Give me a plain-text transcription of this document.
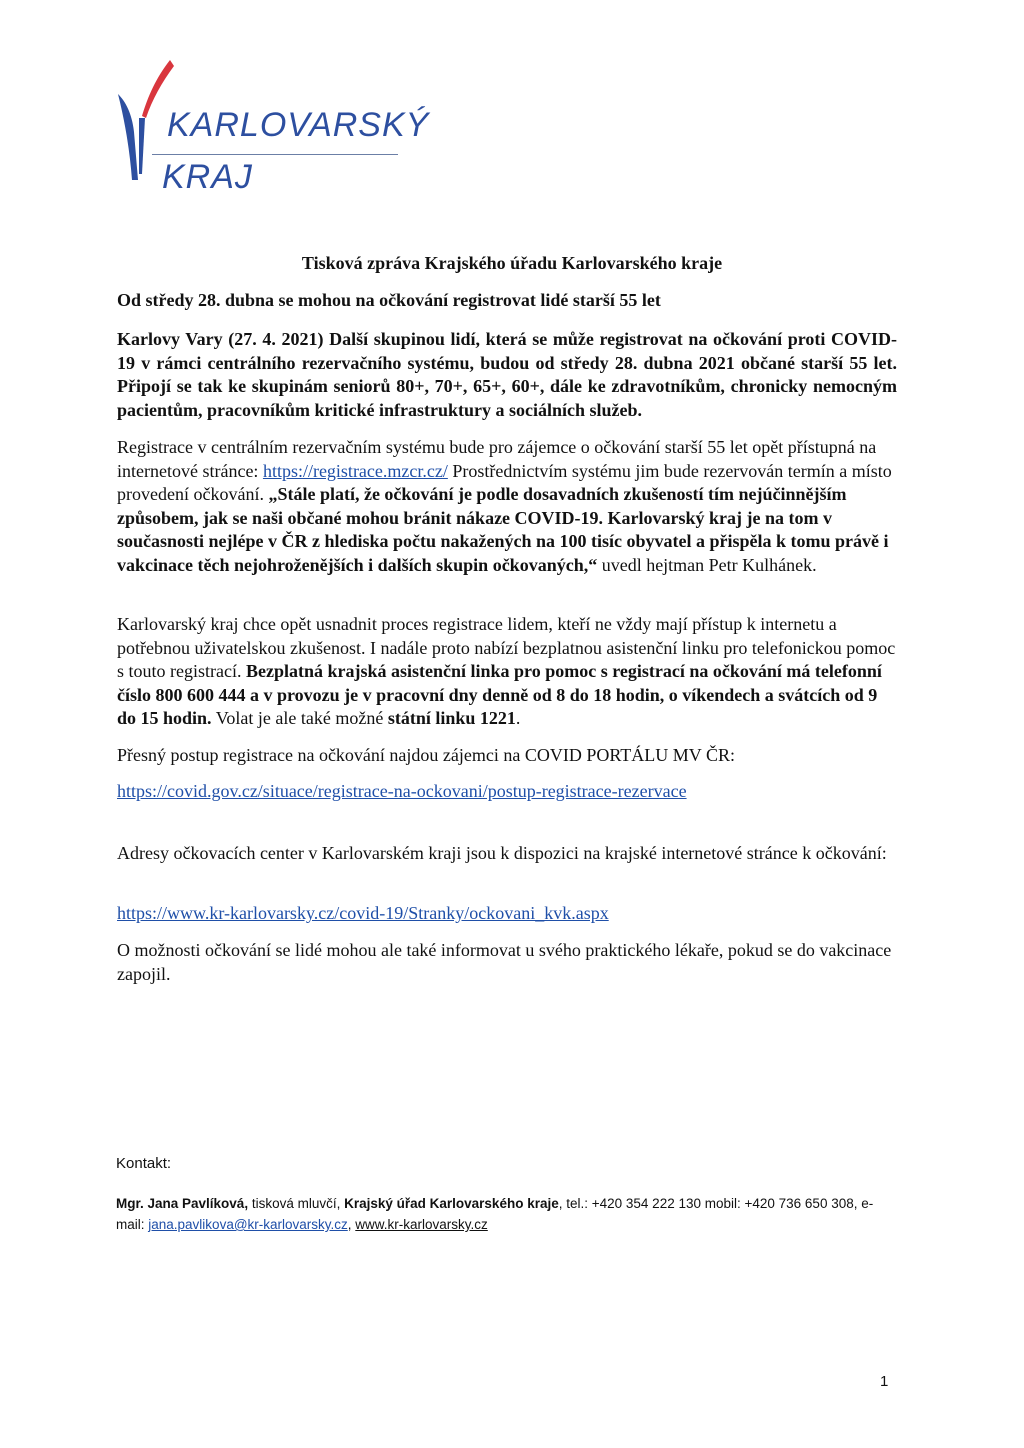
KARLOVARSKÝ
KRAJ
Tisková zpráva Krajského úřadu Karlovarského kraje
Od středy 28. dubna se mohou na očkování registrovat lidé starší 55 let
Karlovy Vary (27. 4. 2021) Další skupinou lidí, která se může registrovat na očkování proti COVID-19 v rámci centrálního rezervačního systému, budou od středy 28. dubna 2021 občané starší 55 let. Připojí se tak ke skupinám seniorů 80+, 70+, 65+, 60+, dále ke zdravotníkům, chronicky nemocným pacientům, pracovníkům kritické infrastruktury a sociálních služeb.
Registrace v centrálním rezervačním systému bude pro zájemce o očkování starší 55 let opět přístupná na internetové stránce: https://registrace.mzcr.cz/ Prostřednictvím systému jim bude rezervován termín a místo provedení očkování. „Stále platí, že očkování je podle dosavadních zkušeností tím nejúčinnějším způsobem, jak se naši občané mohou bránit nákaze COVID-19. Karlovarský kraj je na tom v současnosti nejlépe v ČR z hlediska počtu nakažených na 100 tisíc obyvatel a přispěla k tomu právě i vakcinace těch nejohroženějších i dalších skupin očkovaných,“ uvedl hejtman Petr Kulhánek.
Karlovarský kraj chce opět usnadnit proces registrace lidem, kteří ne vždy mají přístup k internetu a potřebnou uživatelskou zkušenost. I nadále proto nabízí bezplatnou asistenční linku pro telefonickou pomoc s touto registrací. Bezplatná krajská asistenční linka pro pomoc s registrací na očkování má telefonní číslo 800 600 444 a v provozu je v pracovní dny denně od 8 do 18 hodin, o víkendech a svátcích od 9 do 15 hodin. Volat je ale také možné státní linku 1221.
Přesný postup registrace na očkování najdou zájemci na COVID PORTÁLU MV ČR:
https://covid.gov.cz/situace/registrace-na-ockovani/postup-registrace-rezervace
Adresy očkovacích center v Karlovarském kraji jsou k dispozici na krajské internetové stránce k očkování:
https://www.kr-karlovarsky.cz/covid-19/Stranky/ockovani_kvk.aspx
O možnosti očkování se lidé mohou ale také informovat u svého praktického lékaře, pokud se do vakcinace zapojil.
Kontakt:
Mgr. Jana Pavlíková, tisková mluvčí, Krajský úřad Karlovarského kraje, tel.: +420 354 222 130 mobil: +420 736 650 308, e-mail: jana.pavlikova@kr-karlovarsky.cz, www.kr-karlovarsky.cz
1
